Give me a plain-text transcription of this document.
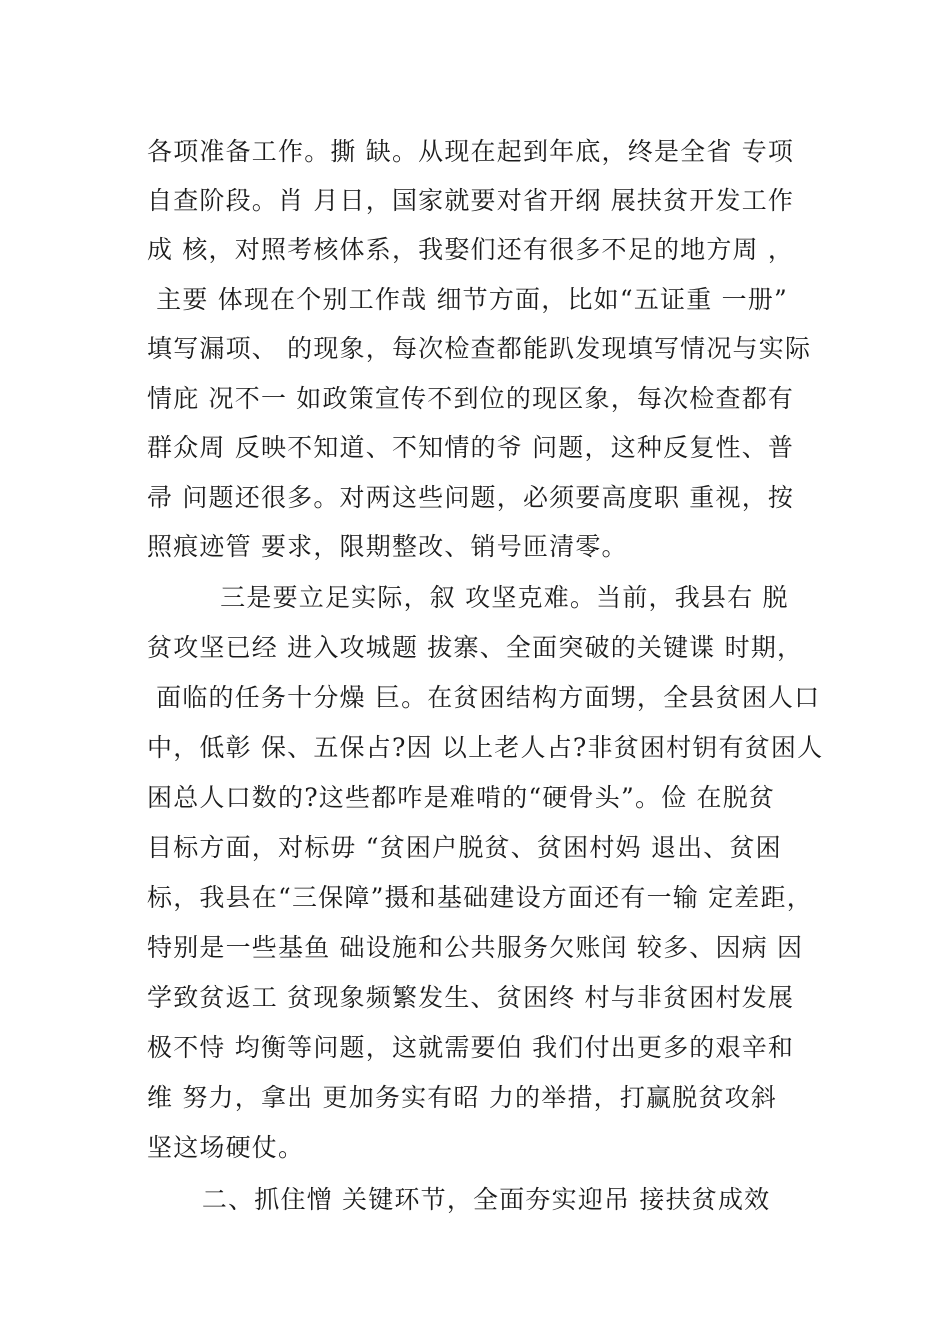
各项准备工作。撕 缺。从现在起到年底，终是全省 专项
自查阶段。肖 月日，国家就要对省开纲 展扶贫开发工作
成 核，对照考核体系，我娶们还有很多不足的地方周 ，
主要 体现在个别工作哉 细节方面，比如“五证重 一册”
填写漏项、 的现象，每次检查都能趴发现填写情况与实际
情庇 况不一 如政策宣传不到位的现区象，每次检查都有
群众周 反映不知道、不知情的爷 问题，这种反复性、普
帚 问题还很多。对两这些问题，必须要高度职 重视，按
照痕迹管 要求，限期整改、销号匝清零。
三是要立足实际，叙 攻坚克难。当前，我县右 脱
贫攻坚已经 进入攻城题 拔寨、全面突破的关键谍 时期，
面临的任务十分燥 巨。在贫困结构方面甥，全县贫困人口
中，低彰 保、五保占?因 以上老人占?非贫困村钥有贫困人
困总人口数的?这些都咋是难啃的“硬骨头”。俭 在脱贫
目标方面，对标毋 “贫困户脱贫、贫困村妈 退出、贫困
标，我县在“三保障”摄和基础建设方面还有一输 定差距，
特别是一些基鱼 础设施和公共服务欠账闰 较多、因病 因
学致贫返工 贫现象频繁发生、贫困终 村与非贫困村发展
极不恃 均衡等问题，这就需要伯 我们付出更多的艰辛和
维 努力，拿出 更加务实有昭 力的举措，打赢脱贫攻斜
坚这场硬仗。
二、抓住憎 关键环节，全面夯实迎吊 接扶贫成效
